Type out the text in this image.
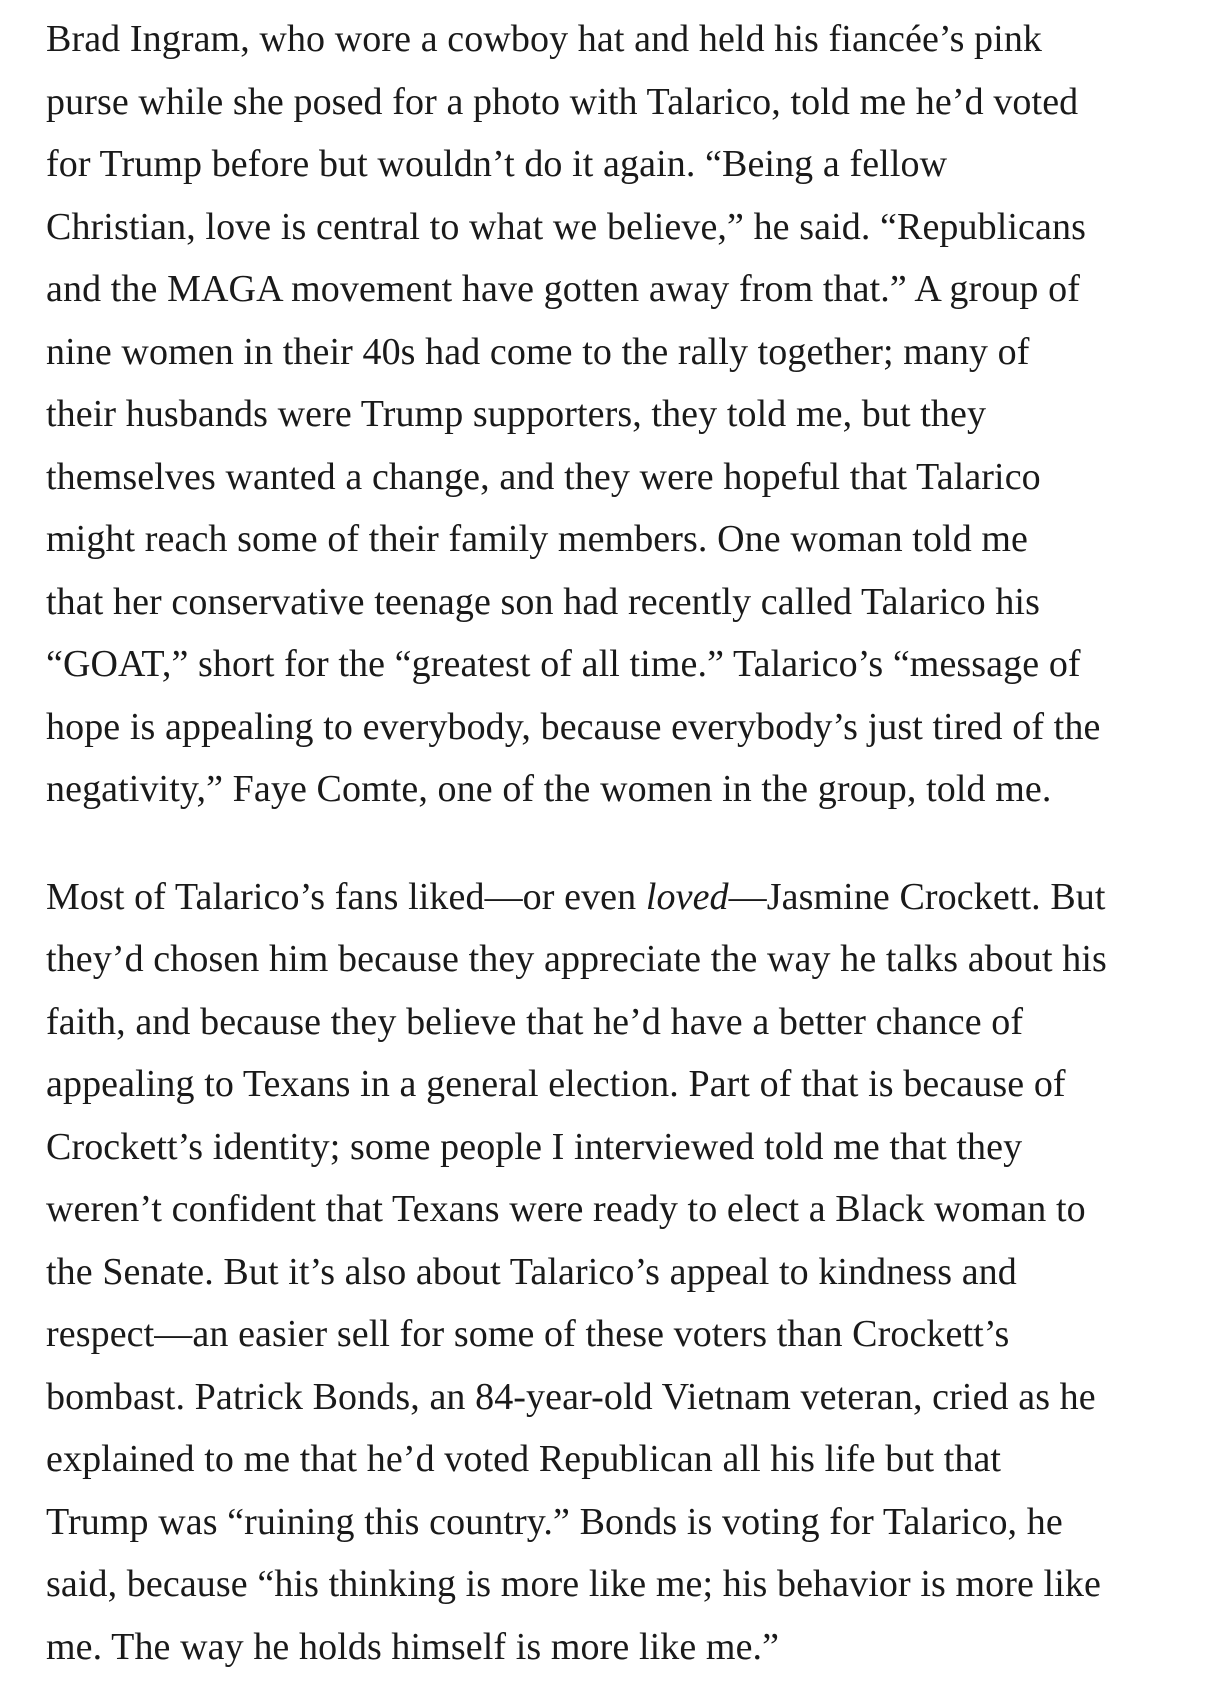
Brad Ingram, who wore a cowboy hat and held his fiancée’s pink
purse while she posed for a photo with Talarico, told me he’d voted
for Trump before but wouldn’t do it again. “Being a fellow
Christian, love is central to what we believe,” he said. “Republicans
and the MAGA movement have gotten away from that.” A group of
nine women in their 40s had come to the rally together; many of
their husbands were Trump supporters, they told me, but they
themselves wanted a change, and they were hopeful that Talarico
might reach some of their family members. One woman told me
that her conservative teenage son had recently called Talarico his
“GOAT,” short for the “greatest of all time.” Talarico’s “message of
hope is appealing to everybody, because everybody’s just tired of the
negativity,” Faye Comte, one of the women in the group, told me.

Most of Talarico’s fans liked—or even loved—Jasmine Crockett. But
they’d chosen him because they appreciate the way he talks about his
faith, and because they believe that he’d have a better chance of
appealing to Texans in a general election. Part of that is because of
Crockett’s identity; some people I interviewed told me that they
weren’t confident that Texans were ready to elect a Black woman to
the Senate. But it’s also about Talarico’s appeal to kindness and
respect—an easier sell for some of these voters than Crockett’s
bombast. Patrick Bonds, an 84-year-old Vietnam veteran, cried as he
explained to me that he’d voted Republican all his life but that
Trump was “ruining this country.” Bonds is voting for Talarico, he
said, because “his thinking is more like me; his behavior is more like
me. The way he holds himself is more like me.”
